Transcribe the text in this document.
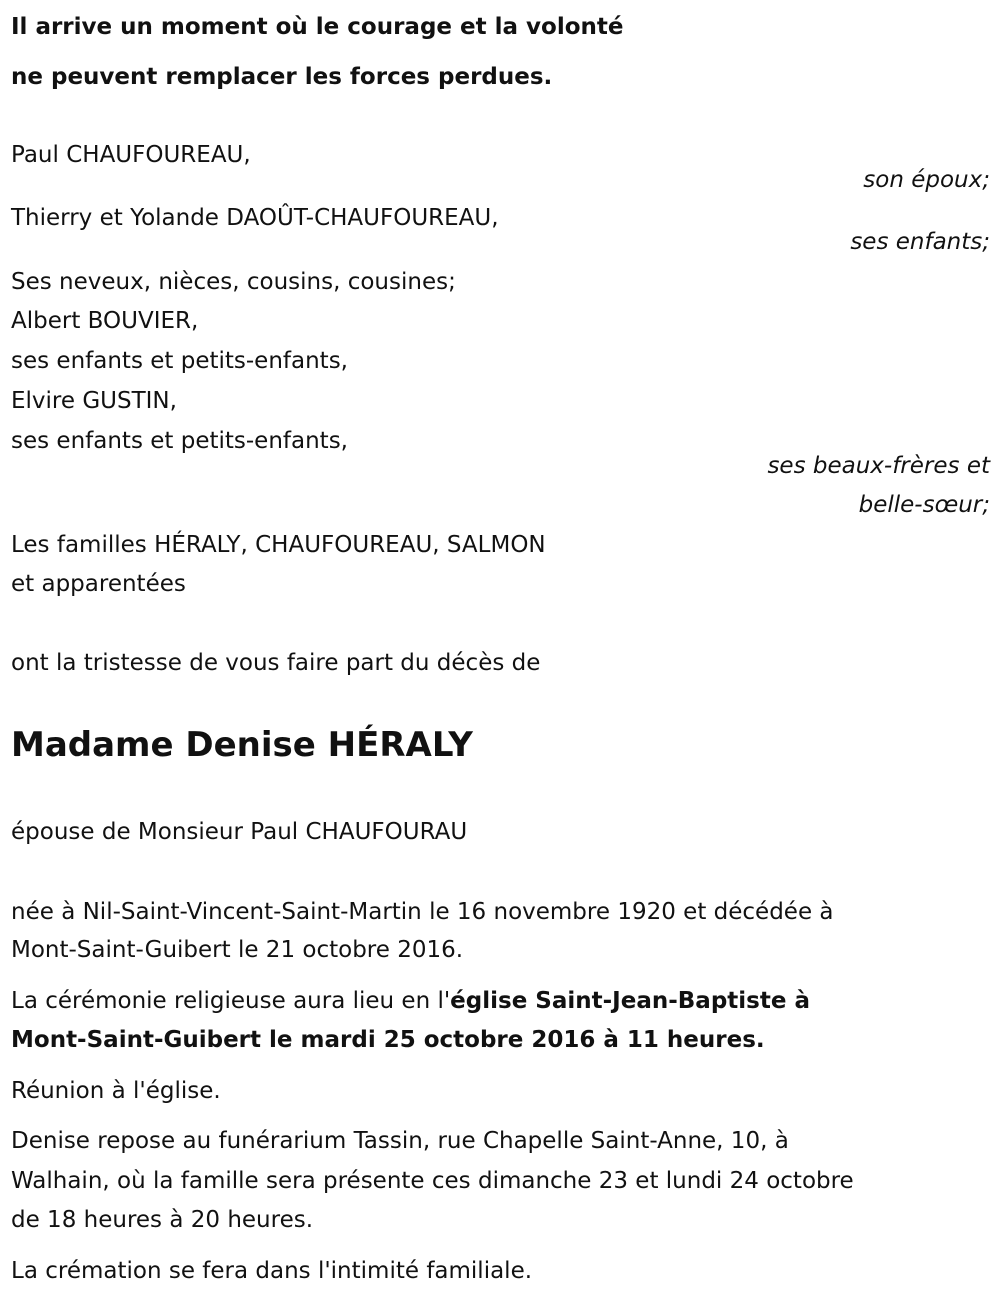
Il arrive un moment où le courage et la volonté
ne peuvent remplacer les forces perdues.
Paul CHAUFOUREAU,
son époux;
Thierry et Yolande DAOÛT-CHAUFOUREAU,
ses enfants;
Ses neveux, nièces, cousins, cousines;
Albert BOUVIER,
ses enfants et petits-enfants,
Elvire GUSTIN,
ses enfants et petits-enfants,
ses beaux-frères et
belle-sœur;
Les familles HÉRALY, CHAUFOUREAU, SALMON
et apparentées
ont la tristesse de vous faire part du décès de
Madame Denise HÉRALY
épouse de Monsieur Paul CHAUFOURAU
née à Nil-Saint-Vincent-Saint-Martin le 16 novembre 1920 et décédée à
Mont-Saint-Guibert le 21 octobre 2016.
La cérémonie religieuse aura lieu en l'église Saint-Jean-Baptiste à
Mont-Saint-Guibert le mardi 25 octobre 2016 à 11 heures.
Réunion à l'église.
Denise repose au funérarium Tassin, rue Chapelle Saint-Anne, 10, à
Walhain, où la famille sera présente ces dimanche 23 et lundi 24 octobre
de 18 heures à 20 heures.
La crémation se fera dans l'intimité familiale.
